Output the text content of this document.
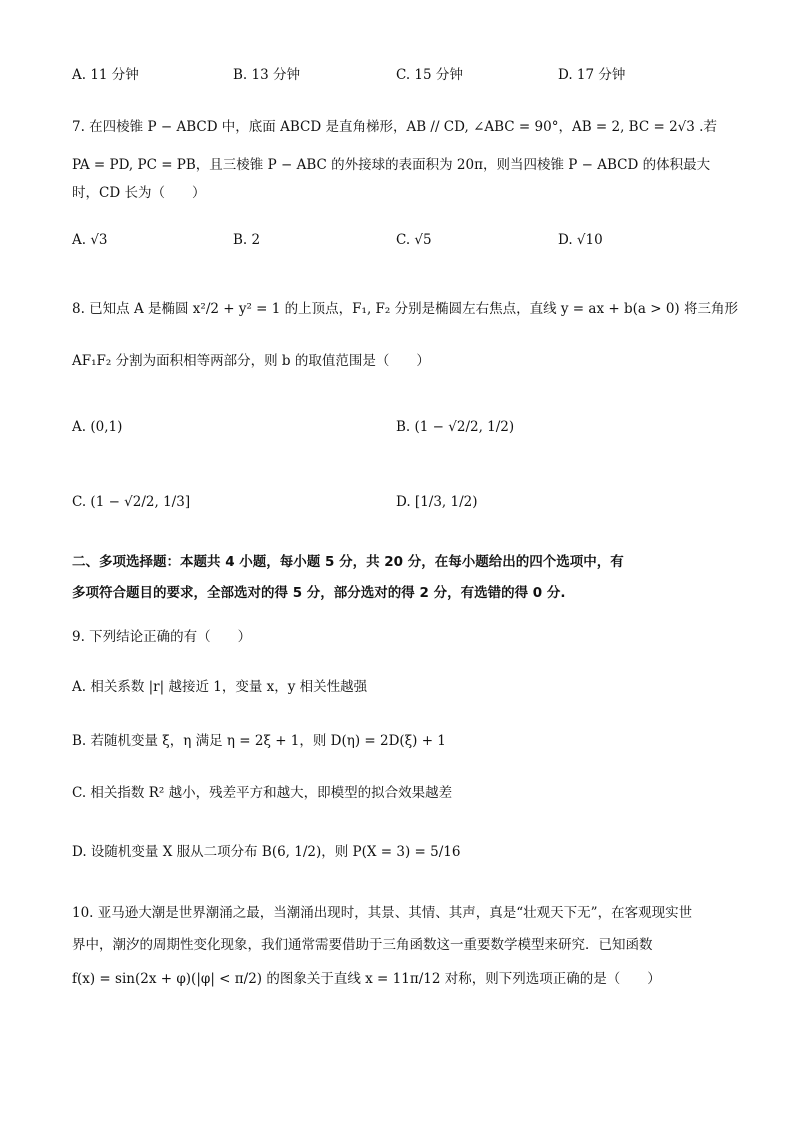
A. 11 分钟	B. 13 分钟	C. 15 分钟	D. 17 分钟
7. 在四棱锥 P − ABCD 中，底面 ABCD 是直角梯形，AB // CD, ∠ABC = 90°，AB = 2, BC = 2√3 .若
PA = PD, PC = PB，且三棱锥 P − ABC 的外接球的表面积为 20π，则当四棱锥 P − ABCD 的体积最大
时，CD 长为（　　）
A. √3	B. 2	C. √5	D. √10
8. 已知点 A 是椭圆 x²/2 + y² = 1 的上顶点，F₁, F₂ 分别是椭圆左右焦点，直线 y = ax + b(a > 0) 将三角形
AF₁F₂ 分割为面积相等两部分，则 b 的取值范围是（　　）
A. (0,1)	B. (1 − √2/2, 1/2)
C. (1 − √2/2, 1/3]	D. [1/3, 1/2)
二、多项选择题：本题共 4 小题，每小题 5 分，共 20 分，在每小题给出的四个选项中，有
多项符合题目的要求，全部选对的得 5 分，部分选对的得 2 分，有选错的得 0 分.
9. 下列结论正确的有（　　）
A. 相关系数 |r| 越接近 1，变量 x，y 相关性越强
B. 若随机变量 ξ，η 满足 η = 2ξ + 1，则 D(η) = 2D(ξ) + 1
C. 相关指数 R² 越小，残差平方和越大，即模型的拟合效果越差
D. 设随机变量 X 服从二项分布 B(6, 1/2)，则 P(X = 3) = 5/16
10. 亚马逊大潮是世界潮涌之最，当潮涌出现时，其景、其情、其声，真是“壮观天下无”，在客观现实世
界中，潮汐的周期性变化现象，我们通常需要借助于三角函数这一重要数学模型来研究．已知函数
f(x) = sin(2x + φ)(|φ| < π/2) 的图象关于直线 x = 11π/12 对称，则下列选项正确的是（　　）
